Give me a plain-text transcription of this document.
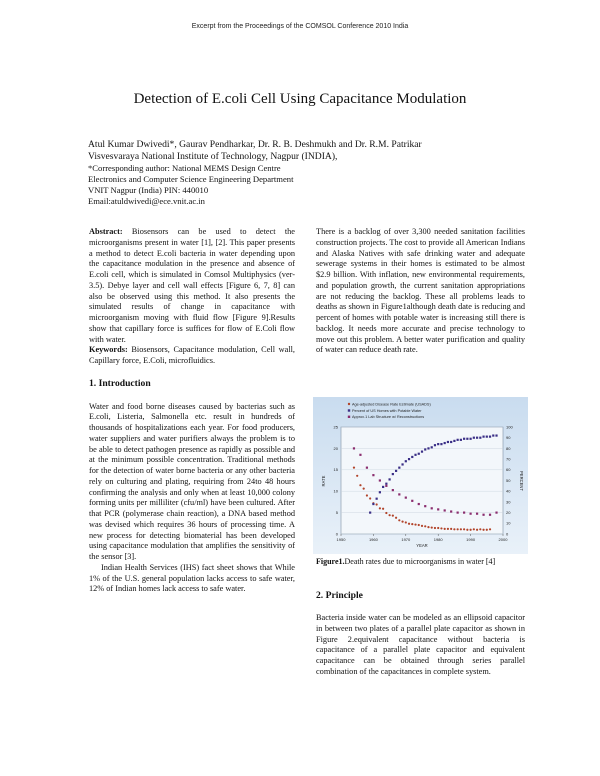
Excerpt from the Proceedings of the COMSOL Conference 2010 India
Detection of E.coli Cell Using Capacitance Modulation
Atul Kumar Dwivedi*, Gaurav Pendharkar, Dr. R. B. Deshmukh and Dr. R.M. Patrikar
Visvesvaraya National Institute of Technology, Nagpur (INDIA),
*Corresponding author: National MEMS Design Centre
Electronics and Computer Science Engineering Department
VNIT Nagpur (India) PIN: 440010
Email:atuldwivedi@ece.vnit.ac.in

Abstract: Biosensors can be used to detect the microorganisms present in water [1], [2]. This paper presents a method to detect E.coli bacteria in water depending upon the capacitance modulation in the presence and absence of E.coli cell, which is simulated in Comsol Multiphysics (ver-3.5). Debye layer and cell wall effects [Figure 6, 7, 8] can also be observed using this method. It also presents the simulated results of change in capacitance with microorganism moving with fluid flow [Figure 9].Results show that capillary force is suffices for flow of E.Coli flow with water.

Keywords: Biosensors, Capacitance modulation, Cell wall, Capillary force, E.Coli, microfluidics.

1. Introduction

Water and food borne diseases caused by bacterias such as E.coli, Listeria, Salmonella etc. result in hundreds of thousands of hospitalizations each year. For food producers, water suppliers and water purifiers always the problem is to be able to detect pathogen presence as rapidly as possible and at the minimum possible concentration. Traditional methods for the detection of water borne bacteria or any other bacteria rely on culturing and plating, requiring from 24to 48 hours confirming the analysis and only when at least 10,000 colony forming units per milliliter (cfu/ml) have been cultured. After that PCR (polymerase chain reaction), a DNA based method was devised which requires 36 hours of processing time. A new process for detecting biomaterial has been developed using capacitance modulation that amplifies the sensitivity of the sensor [3].

Indian Health Services (IHS) fact sheet shows that While 1% of the U.S. general population lacks access to safe water, 12% of Indian homes lack access to safe water.

There is a backlog of over 3,300 needed sanitation facilities construction projects. The cost to provide all American Indians and Alaska Natives with safe drinking water and adequate sewerage systems in their homes is estimated to be almost $2.9 billion. With inflation, new environmental requirements, and population growth, the current sanitation appropriations are not reducing the backlog. These all problems leads to deaths as shown in Figure1although death date is reducing and percent of homes with potable water is increasing still there is backlog. It needs more accurate and precise technology to move out this problem. A better water purification and quality of water can reduce death rate.

0
5
10
15
20
25
0
10
20
30
40
50
60
70
80
90
100
1950	1960	1970	1980	1990	2000
Age-adjusted Disease Rate Estimate (USADS)
Percent of US Homes with Potable Water
Approx.1 Lab Structure w/ Reconstructions
YEAR
RATE	PERCENT
Figure1.Death rates due to microorganisms in water [4]
2. Principle
Bacteria inside water can be modeled as an ellipsoid capacitor in between two plates of a parallel plate capacitor as shown in Figure 2.equivalent capacitance without bacteria is capacitance of a parallel plate capacitor and equivalent capacitance can be obtained through series parallel combination of the capacitances in complete system.
